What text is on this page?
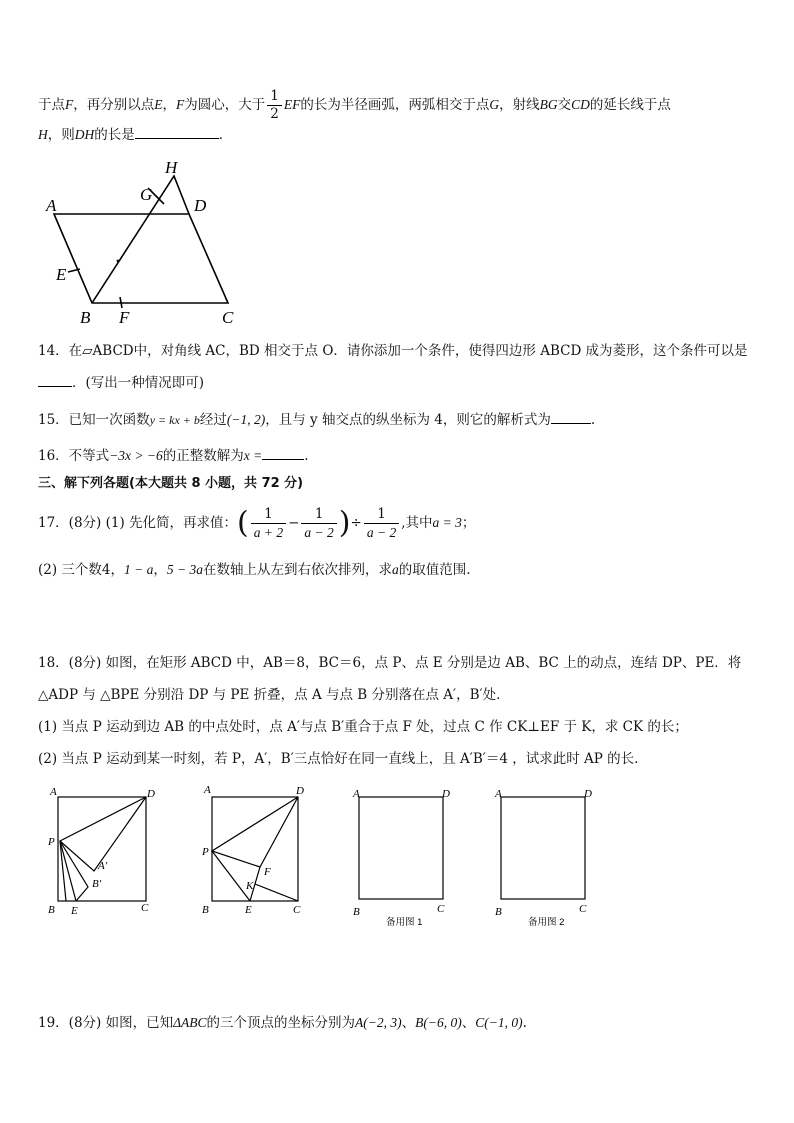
于点F，再分别以点E，F为圆心，大于 $\frac{1}{2}$ EF的长为半径画弧，两弧相交于点G，射线BG交CD的延长线于点
H，则DH的长是	．
A	D
H
G
E
B F	C
14．在▱ABCD中，对角线 AC，BD 相交于点 O．请你添加一个条件，使得四边形 ABCD 成为菱形，这个条件可以是
．(写出一种情况即可)
15．已知一次函数y = kx + b经过(−1, 2)，且与 y 轴交点的纵坐标为 4，则它的解析式为	.
16．不等式−3x > −6的正整数解为x =	.
三、解下列各题(本大题共 8 小题，共 72 分)
17．(8分) (1) 先化简，再求值：( $\frac{1}{a + 2} - \frac{1}{a - 2}$ )÷ $\frac{1}{a - 2}$ ,其中a = 3；
(2) 三个数4，1 − a，5 − 3a在数轴上从左到右依次排列，求a的取值范围.
18．(8分) 如图，在矩形 ABCD 中，AB＝8，BC＝6，点 P、点 E 分别是边 AB、BC 上的动点，连结 DP、PE．将
△ADP 与 △BPE 分别沿 DP 与 PE 折叠，点 A 与点 B 分别落在点 A′，B′处．
(1) 当点 P 运动到边 AB 的中点处时，点 A′与点 B′重合于点 F 处，过点 C 作 CK⊥EF 于 K，求 CK 的长；
(2) 当点 P 运动到某一时刻，若 P，A′，B′三点恰好在同一直线上，且 A′B′＝4 ，试求此时 AP 的长.
A	D
P
A′
B′
B E	C
A	D
P
F
K
B	E	C
A	D
B	C
备用图 1
A	D
B	C
备用图 2
19．(8分) 如图，已知ΔABC的三个顶点的坐标分别为A(−2, 3)、B(−6, 0)、C(−1, 0).
